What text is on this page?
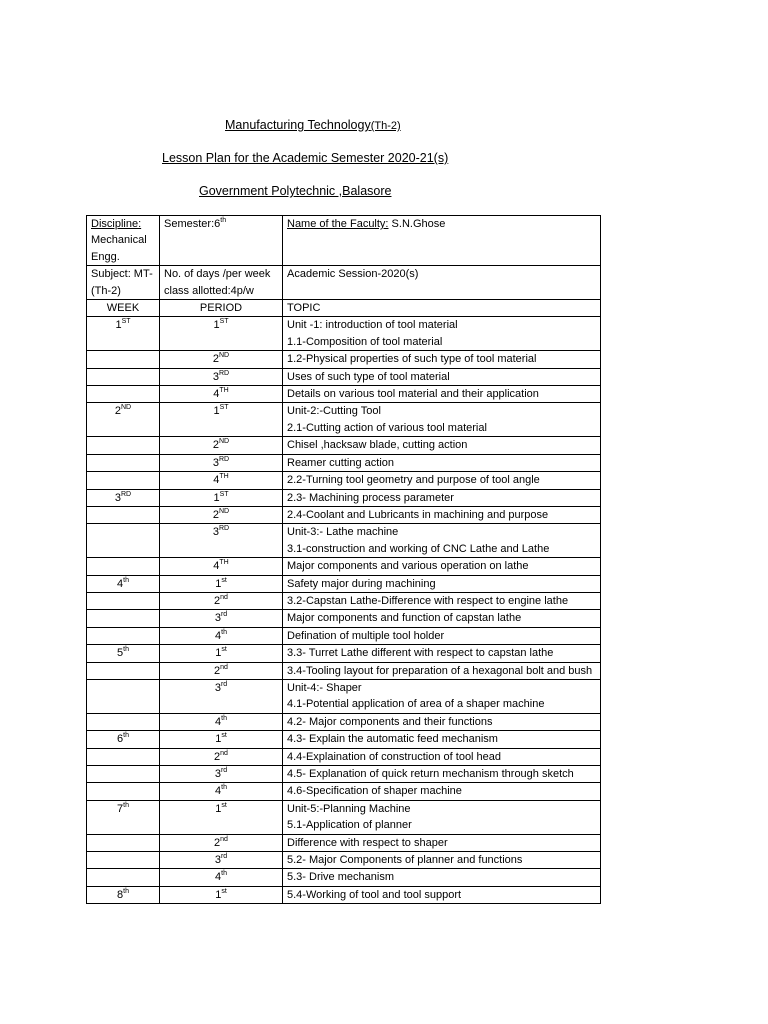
Manufacturing Technology(Th-2)
Lesson Plan for the Academic Semester 2020-21(s)
Government Polytechnic ,Balasore
Discipline:
Mechanical Engg.	Semester:6th	Name of the Faculty: S.N.Ghose
Subject: MT-(Th-2)	No. of days /per week class allotted:4p/w	Academic Session-2020(s)
WEEK	PERIOD	TOPIC
1ST	1ST	Unit -1: introduction of tool material
1.1-Composition of tool material

	2ND	1.2-Physical properties of such type of tool material

	3RD	Uses of such type of tool material

	4TH	Details on various tool material and their application

2ND	1ST	Unit-2:-Cutting Tool
2.1-Cutting action of various tool material

	2ND	Chisel ,hacksaw blade, cutting action

	3RD	Reamer cutting action

	4TH	2.2-Turning tool geometry and purpose of tool angle

3RD	1ST	2.3- Machining process parameter

	2ND	2.4-Coolant and Lubricants in machining and purpose

	3RD	Unit-3:- Lathe machine
3.1-construction and working of CNC Lathe and Lathe

	4TH	Major components and various operation on lathe

4th	1st	Safety major during machining

	2nd	3.2-Capstan Lathe-Difference with respect to engine lathe

	3rd	Major components and function of capstan lathe

	4th	Defination of multiple tool holder

5th	1st	3.3- Turret Lathe different with respect to capstan lathe

	2nd	3.4-Tooling layout for preparation of a hexagonal bolt and bush

	3rd	Unit-4:- Shaper
4.1-Potential application of area of a shaper machine

	4th	4.2- Major components and their functions

6th	1st	4.3- Explain the automatic feed mechanism

	2nd	4.4-Explaination of construction of tool head

	3rd	4.5- Explanation of quick return mechanism through sketch

	4th	4.6-Specification of shaper machine

7th	1st	Unit-5:-Planning Machine
5.1-Application of planner

	2nd	Difference with respect to shaper

	3rd	5.2- Major Components of planner and functions

	4th	5.3- Drive mechanism

8th	1st	5.4-Working of tool and tool support
